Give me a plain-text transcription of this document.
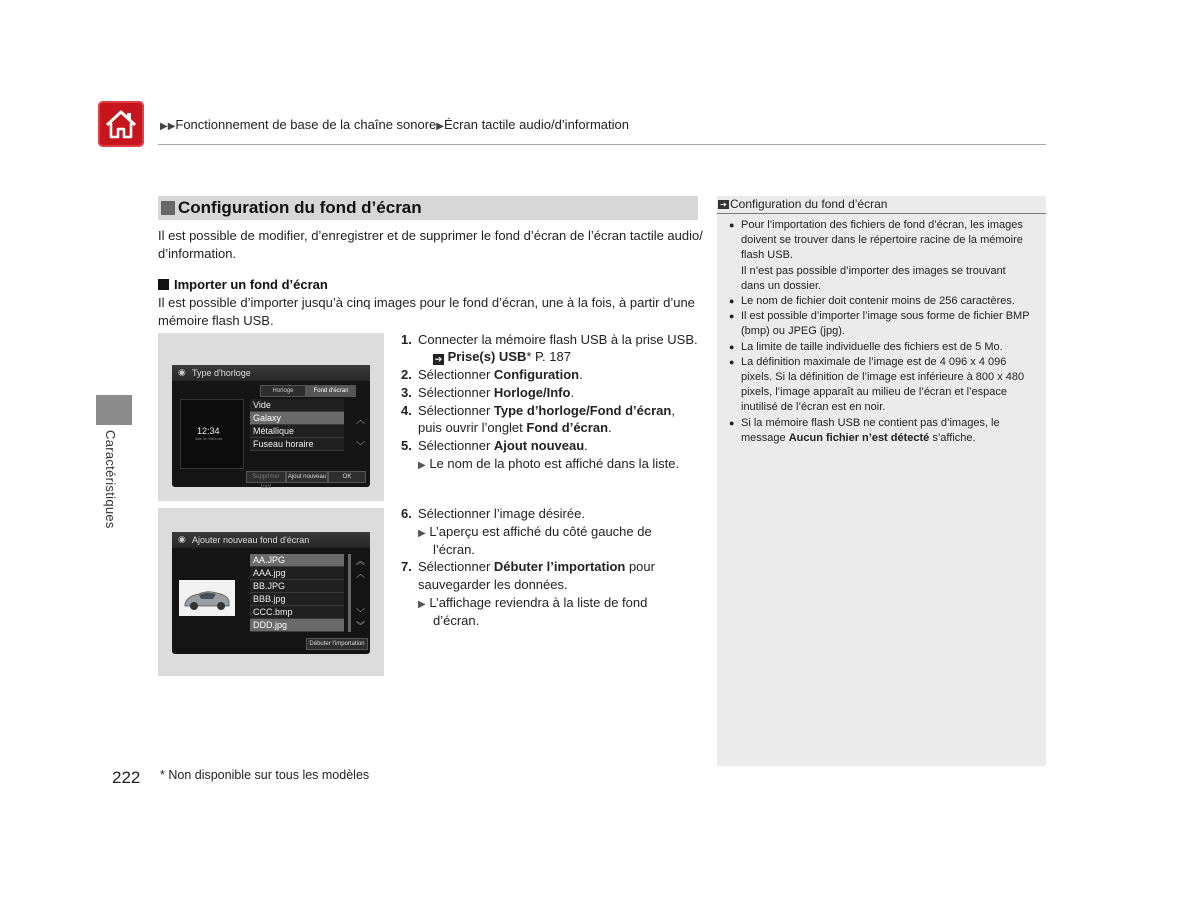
▶▶Fonctionnement de base de la chaîne sonore▶Écran tactile audio/d’information
Caractéristiques
Configuration du fond d’écran
Il est possible de modifier, d’enregistrer et de supprimer le fond d’écran de l’écran tactile audio/
d’information.
Importer un fond d’écran
Il est possible d’importer jusqu’à cinq images pour le fond d’écran, une à la fois, à partir d’une
mémoire flash USB.
◉ Type d'horloge
Horloge	Fond d'écran
12:34
date de référence
Vide
Galaxy
Métallique
Fuseau horaire
︿
﹀
Supprimer tout
Ajout nouveau	OK
◉ Ajouter nouveau fond d'écran
AA.JPG
AAA.jpg
BB.JPG
BBB.jpg
CCC.bmp
DDD.jpg
︽
︿
﹀
︾
Débuter l'importation
1. Connecter la mémoire flash USB à la prise USB.
➔ Prise(s) USB* P. 187
2. Sélectionner Configuration.
3. Sélectionner Horloge/Info.
4. Sélectionner Type d’horloge/Fond d’écran,
puis ouvrir l’onglet Fond d’écran.
5. Sélectionner Ajout nouveau.
▶ Le nom de la photo est affiché dans la liste.
6. Sélectionner l’image désirée.
▶ L’aperçu est affiché du côté gauche de
l’écran.
7. Sélectionner Débuter l’importation pour
sauvegarder les données.
▶ L’affichage reviendra à la liste de fond
d’écran.
➔ Configuration du fond d’écran
● Pour l’importation des fichiers de fond d’écran, les images
doivent se trouver dans le répertoire racine de la mémoire
flash USB.
Il n’est pas possible d’importer des images se trouvant
dans un dossier.
● Le nom de fichier doit contenir moins de 256 caractères.
● Il est possible d’importer l’image sous forme de fichier BMP
(bmp) ou JPEG (jpg).
● La limite de taille individuelle des fichiers est de 5 Mo.
● La définition maximale de l’image est de 4 096 x 4 096
pixels. Si la définition de l’image est inférieure à 800 x 480
pixels, l’image apparaît au milieu de l’écran et l’espace
inutilisé de l’écran est en noir.
● Si la mémoire flash USB ne contient pas d’images, le
message Aucun fichier n’est détecté s’affiche.
222 * Non disponible sur tous les modèles
